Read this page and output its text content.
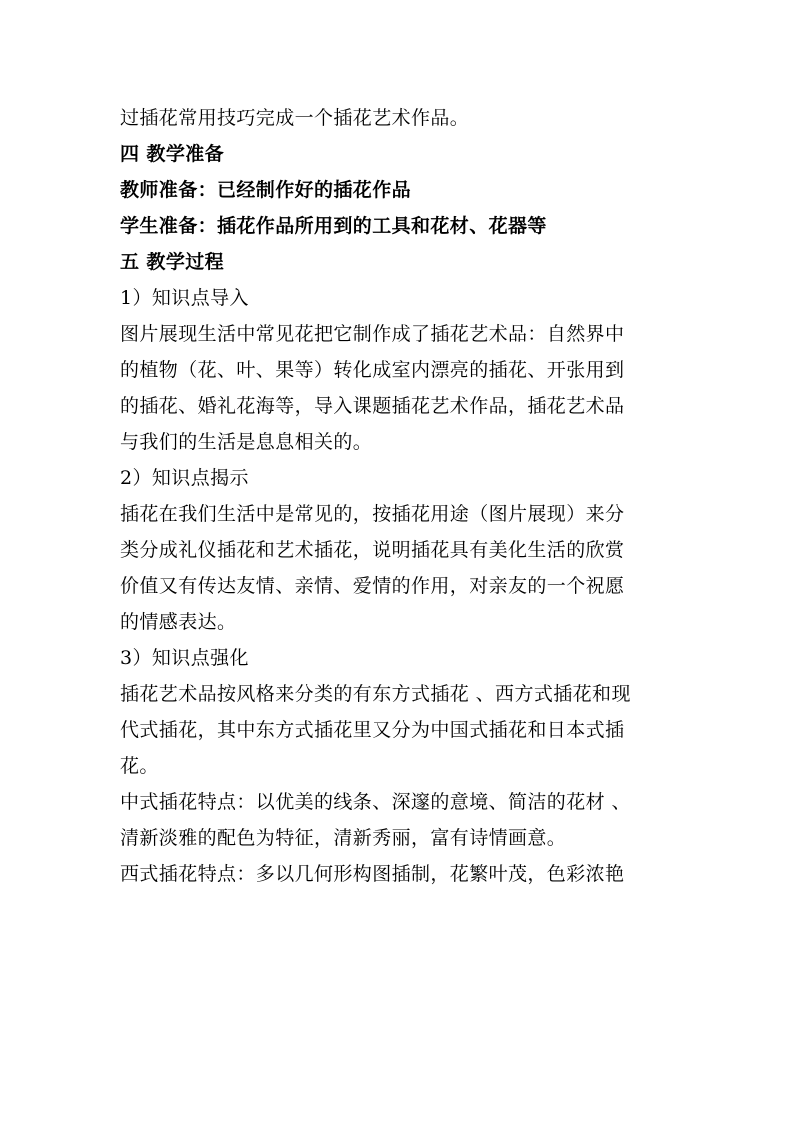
过插花常用技巧完成一个插花艺术作品。
四 教学准备
教师准备：已经制作好的插花作品
学生准备：插花作品所用到的工具和花材、花器等
五 教学过程
1）知识点导入
图片展现生活中常见花把它制作成了插花艺术品：自然界中
的植物（花、叶、果等）转化成室内漂亮的插花、开张用到
的插花、婚礼花海等，导入课题插花艺术作品，插花艺术品
与我们的生活是息息相关的。
2）知识点揭示
插花在我们生活中是常见的，按插花用途（图片展现）来分
类分成礼仪插花和艺术插花，说明插花具有美化生活的欣赏
价值又有传达友情、亲情、爱情的作用，对亲友的一个祝愿
的情感表达。
3）知识点强化
插花艺术品按风格来分类的有东方式插花 、西方式插花和现
代式插花，其中东方式插花里又分为中国式插花和日本式插
花。
中式插花特点：以优美的线条、深邃的意境、简洁的花材 、
清新淡雅的配色为特征，清新秀丽，富有诗情画意。
西式插花特点：多以几何形构图插制，花繁叶茂，色彩浓艳
